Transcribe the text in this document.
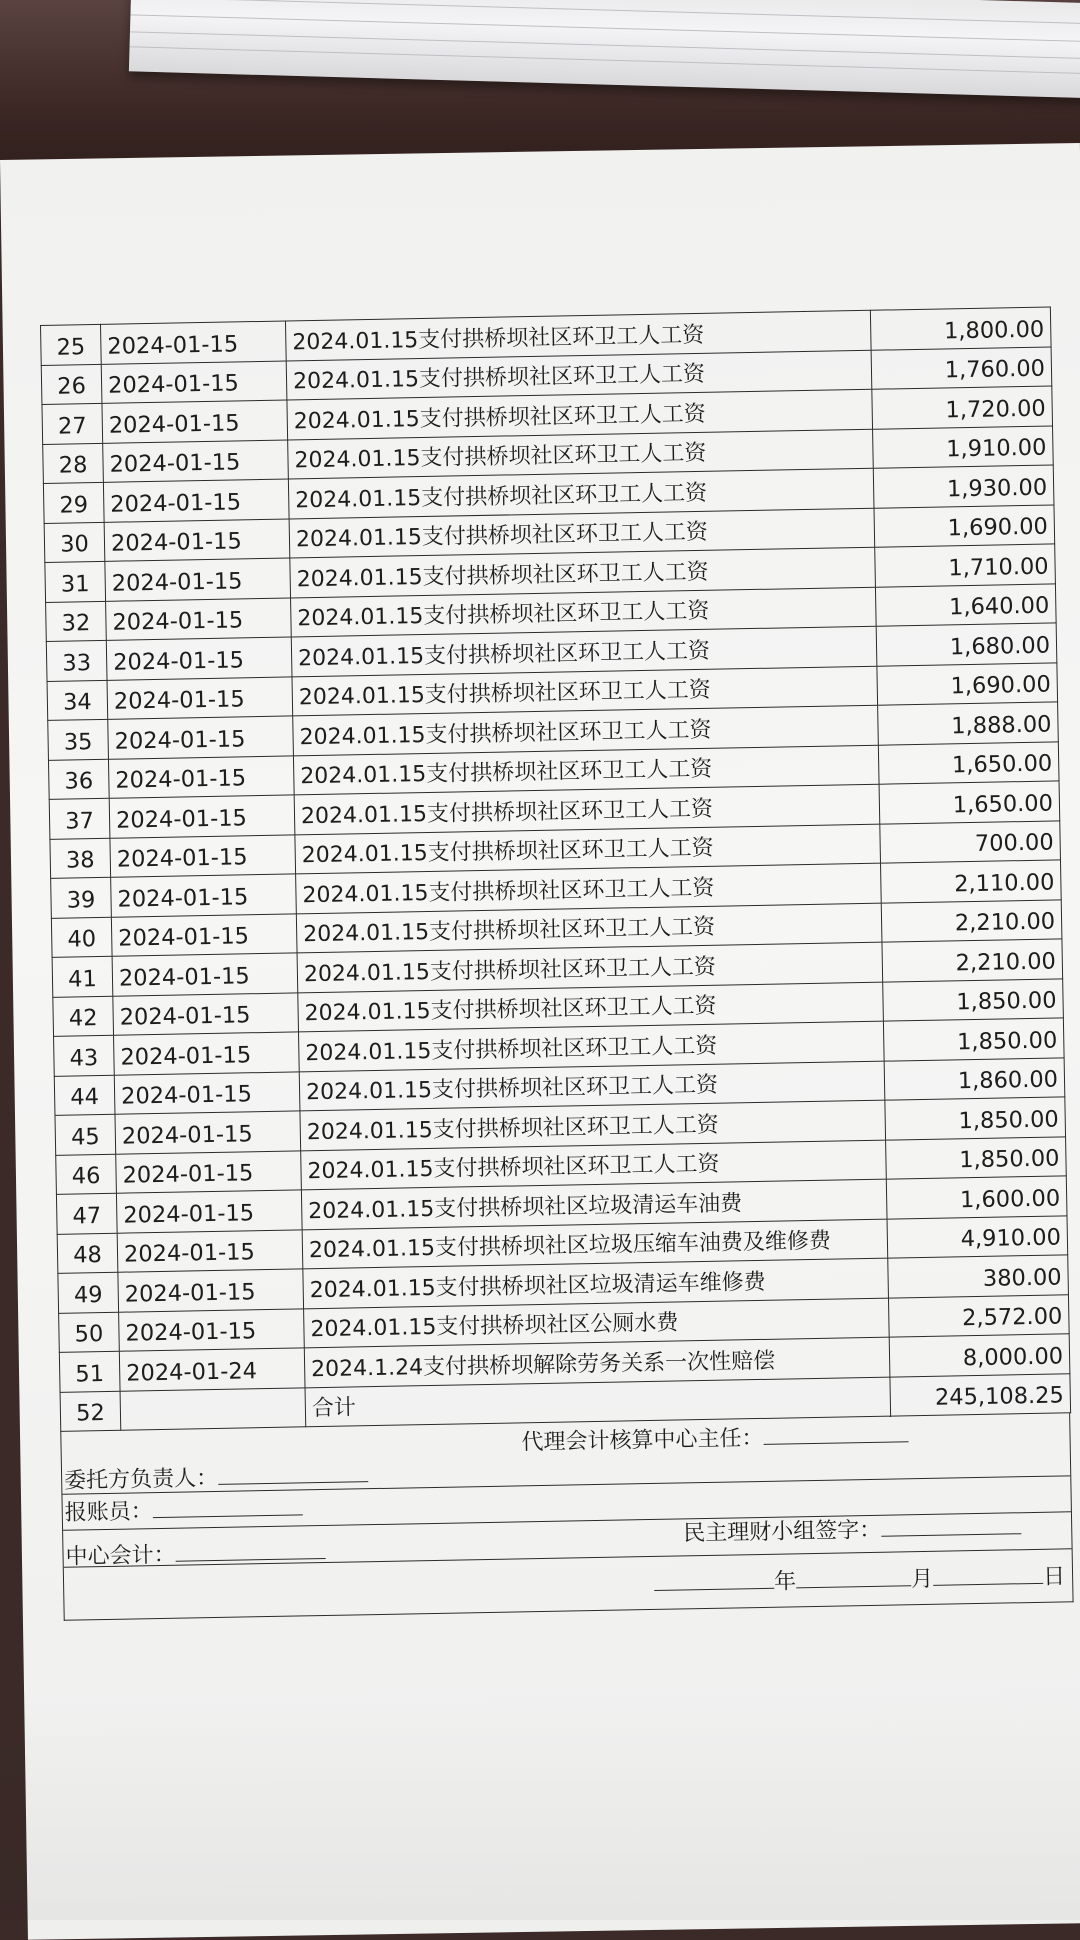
25	2024-01-15	2024.01.15支付拱桥坝社区环卫工人工资	1,800.00
26	2024-01-15	2024.01.15支付拱桥坝社区环卫工人工资	1,760.00
27	2024-01-15	2024.01.15支付拱桥坝社区环卫工人工资	1,720.00
28	2024-01-15	2024.01.15支付拱桥坝社区环卫工人工资	1,910.00
29	2024-01-15	2024.01.15支付拱桥坝社区环卫工人工资	1,930.00
30	2024-01-15	2024.01.15支付拱桥坝社区环卫工人工资	1,690.00
31	2024-01-15	2024.01.15支付拱桥坝社区环卫工人工资	1,710.00
32	2024-01-15	2024.01.15支付拱桥坝社区环卫工人工资	1,640.00
33	2024-01-15	2024.01.15支付拱桥坝社区环卫工人工资	1,680.00
34	2024-01-15	2024.01.15支付拱桥坝社区环卫工人工资	1,690.00
35	2024-01-15	2024.01.15支付拱桥坝社区环卫工人工资	1,888.00
36	2024-01-15	2024.01.15支付拱桥坝社区环卫工人工资	1,650.00
37	2024-01-15	2024.01.15支付拱桥坝社区环卫工人工资	1,650.00
38	2024-01-15	2024.01.15支付拱桥坝社区环卫工人工资	700.00
39	2024-01-15	2024.01.15支付拱桥坝社区环卫工人工资	2,110.00
40	2024-01-15	2024.01.15支付拱桥坝社区环卫工人工资	2,210.00
41	2024-01-15	2024.01.15支付拱桥坝社区环卫工人工资	2,210.00
42	2024-01-15	2024.01.15支付拱桥坝社区环卫工人工资	1,850.00
43	2024-01-15	2024.01.15支付拱桥坝社区环卫工人工资	1,850.00
44	2024-01-15	2024.01.15支付拱桥坝社区环卫工人工资	1,860.00
45	2024-01-15	2024.01.15支付拱桥坝社区环卫工人工资	1,850.00
46	2024-01-15	2024.01.15支付拱桥坝社区环卫工人工资	1,850.00
47	2024-01-15	2024.01.15支付拱桥坝社区垃圾清运车油费	1,600.00
48	2024-01-15	2024.01.15支付拱桥坝社区垃圾压缩车油费及维修费	4,910.00
49	2024-01-15	2024.01.15支付拱桥坝社区垃圾清运车维修费	380.00
50	2024-01-15	2024.01.15支付拱桥坝社区公厕水费	2,572.00
51	2024-01-24	2024.1.24支付拱桥坝解除劳务关系一次性赔偿	8,000.00
52		合计	245,108.25
代理会计核算中心主任：
委托方负责人：
报账员：
民主理财小组签字：
中心会计：
年	月	日
